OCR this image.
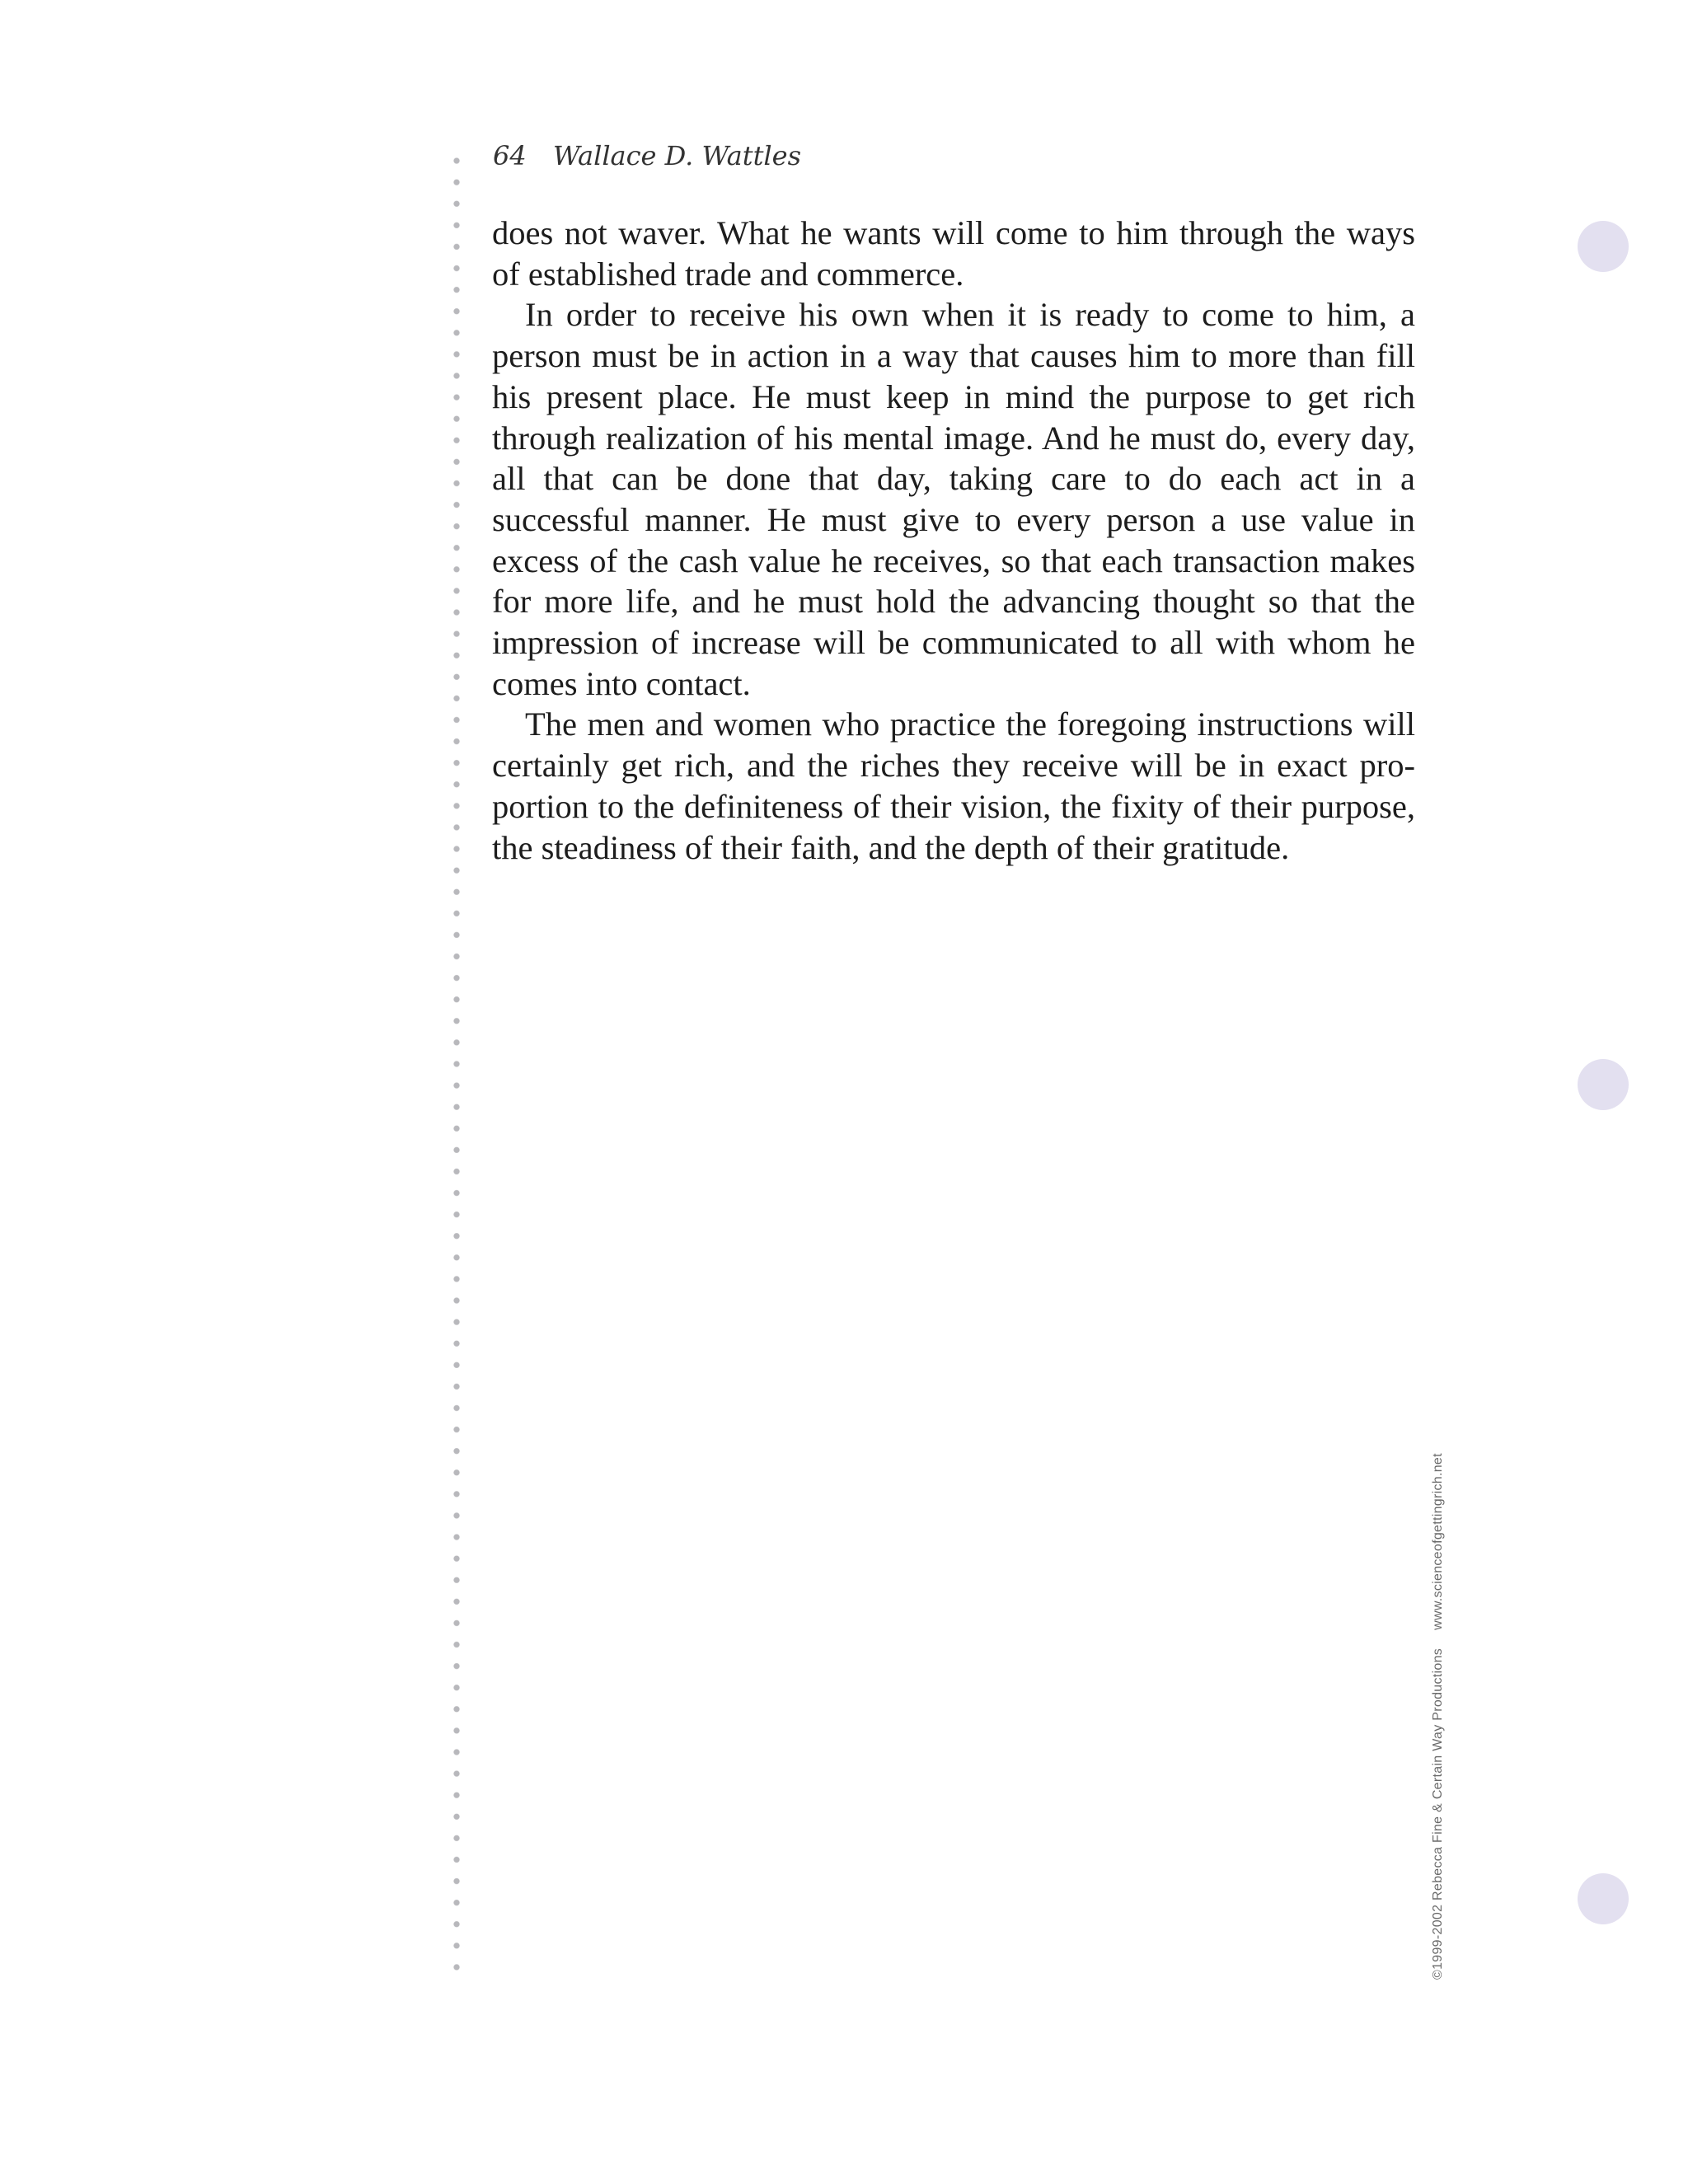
64 Wallace D. Wattles

does not waver. What he wants will come to him through the ways of established trade and commerce.

In order to receive his own when it is ready to come to him, a person must be in action in a way that causes him to more than fill his present place. He must keep in mind the purpose to get rich through realization of his mental image. And he must do, every day, all that can be done that day, taking care to do each act in a successful manner. He must give to every person a use value in excess of the cash value he receives, so that each transaction makes for more life, and he must hold the advancing thought so that the impression of increase will be communicated to all with whom he comes into contact.

The men and women who practice the foregoing instructions will certainly get rich, and the riches they receive will be in exact proportion to the definiteness of their vision, the fixity of their purpose, the steadiness of their faith, and the depth of their gratitude.

©1999-2002 Rebecca Fine & Certain Way Productionswww.scienceofgettingrich.net
